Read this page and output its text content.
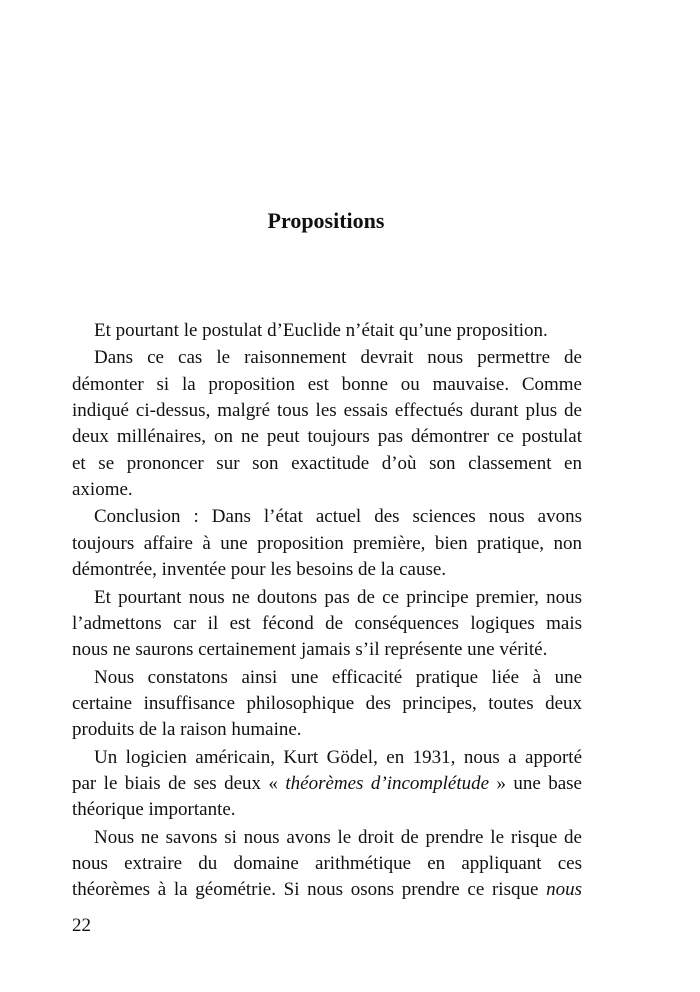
Propositions
Et pourtant le postulat d’Euclide n’était qu’une proposition.
Dans ce cas le raisonnement devrait nous permettre de
démonter si la proposition est bonne ou mauvaise. Comme
indiqué ci-dessus, malgré tous les essais effectués durant plus de
deux millénaires, on ne peut toujours pas démontrer ce postulat
et se prononcer sur son exactitude d’où son classement en
axiome.
Conclusion : Dans l’état actuel des sciences nous avons
toujours affaire à une proposition première, bien pratique, non
démontrée, inventée pour les besoins de la cause.
Et pourtant nous ne doutons pas de ce principe premier, nous
l’admettons car il est fécond de conséquences logiques mais
nous ne saurons certainement jamais s’il représente une vérité.
Nous constatons ainsi une efficacité pratique liée à une
certaine insuffisance philosophique des principes, toutes deux
produits de la raison humaine.
Un logicien américain, Kurt Gödel, en 1931, nous a apporté
par le biais de ses deux « théorèmes d’incomplétude » une base
théorique importante.
Nous ne savons si nous avons le droit de prendre le risque de
nous extraire du domaine arithmétique en appliquant ces
théorèmes à la géométrie. Si nous osons prendre ce risque nous
22
